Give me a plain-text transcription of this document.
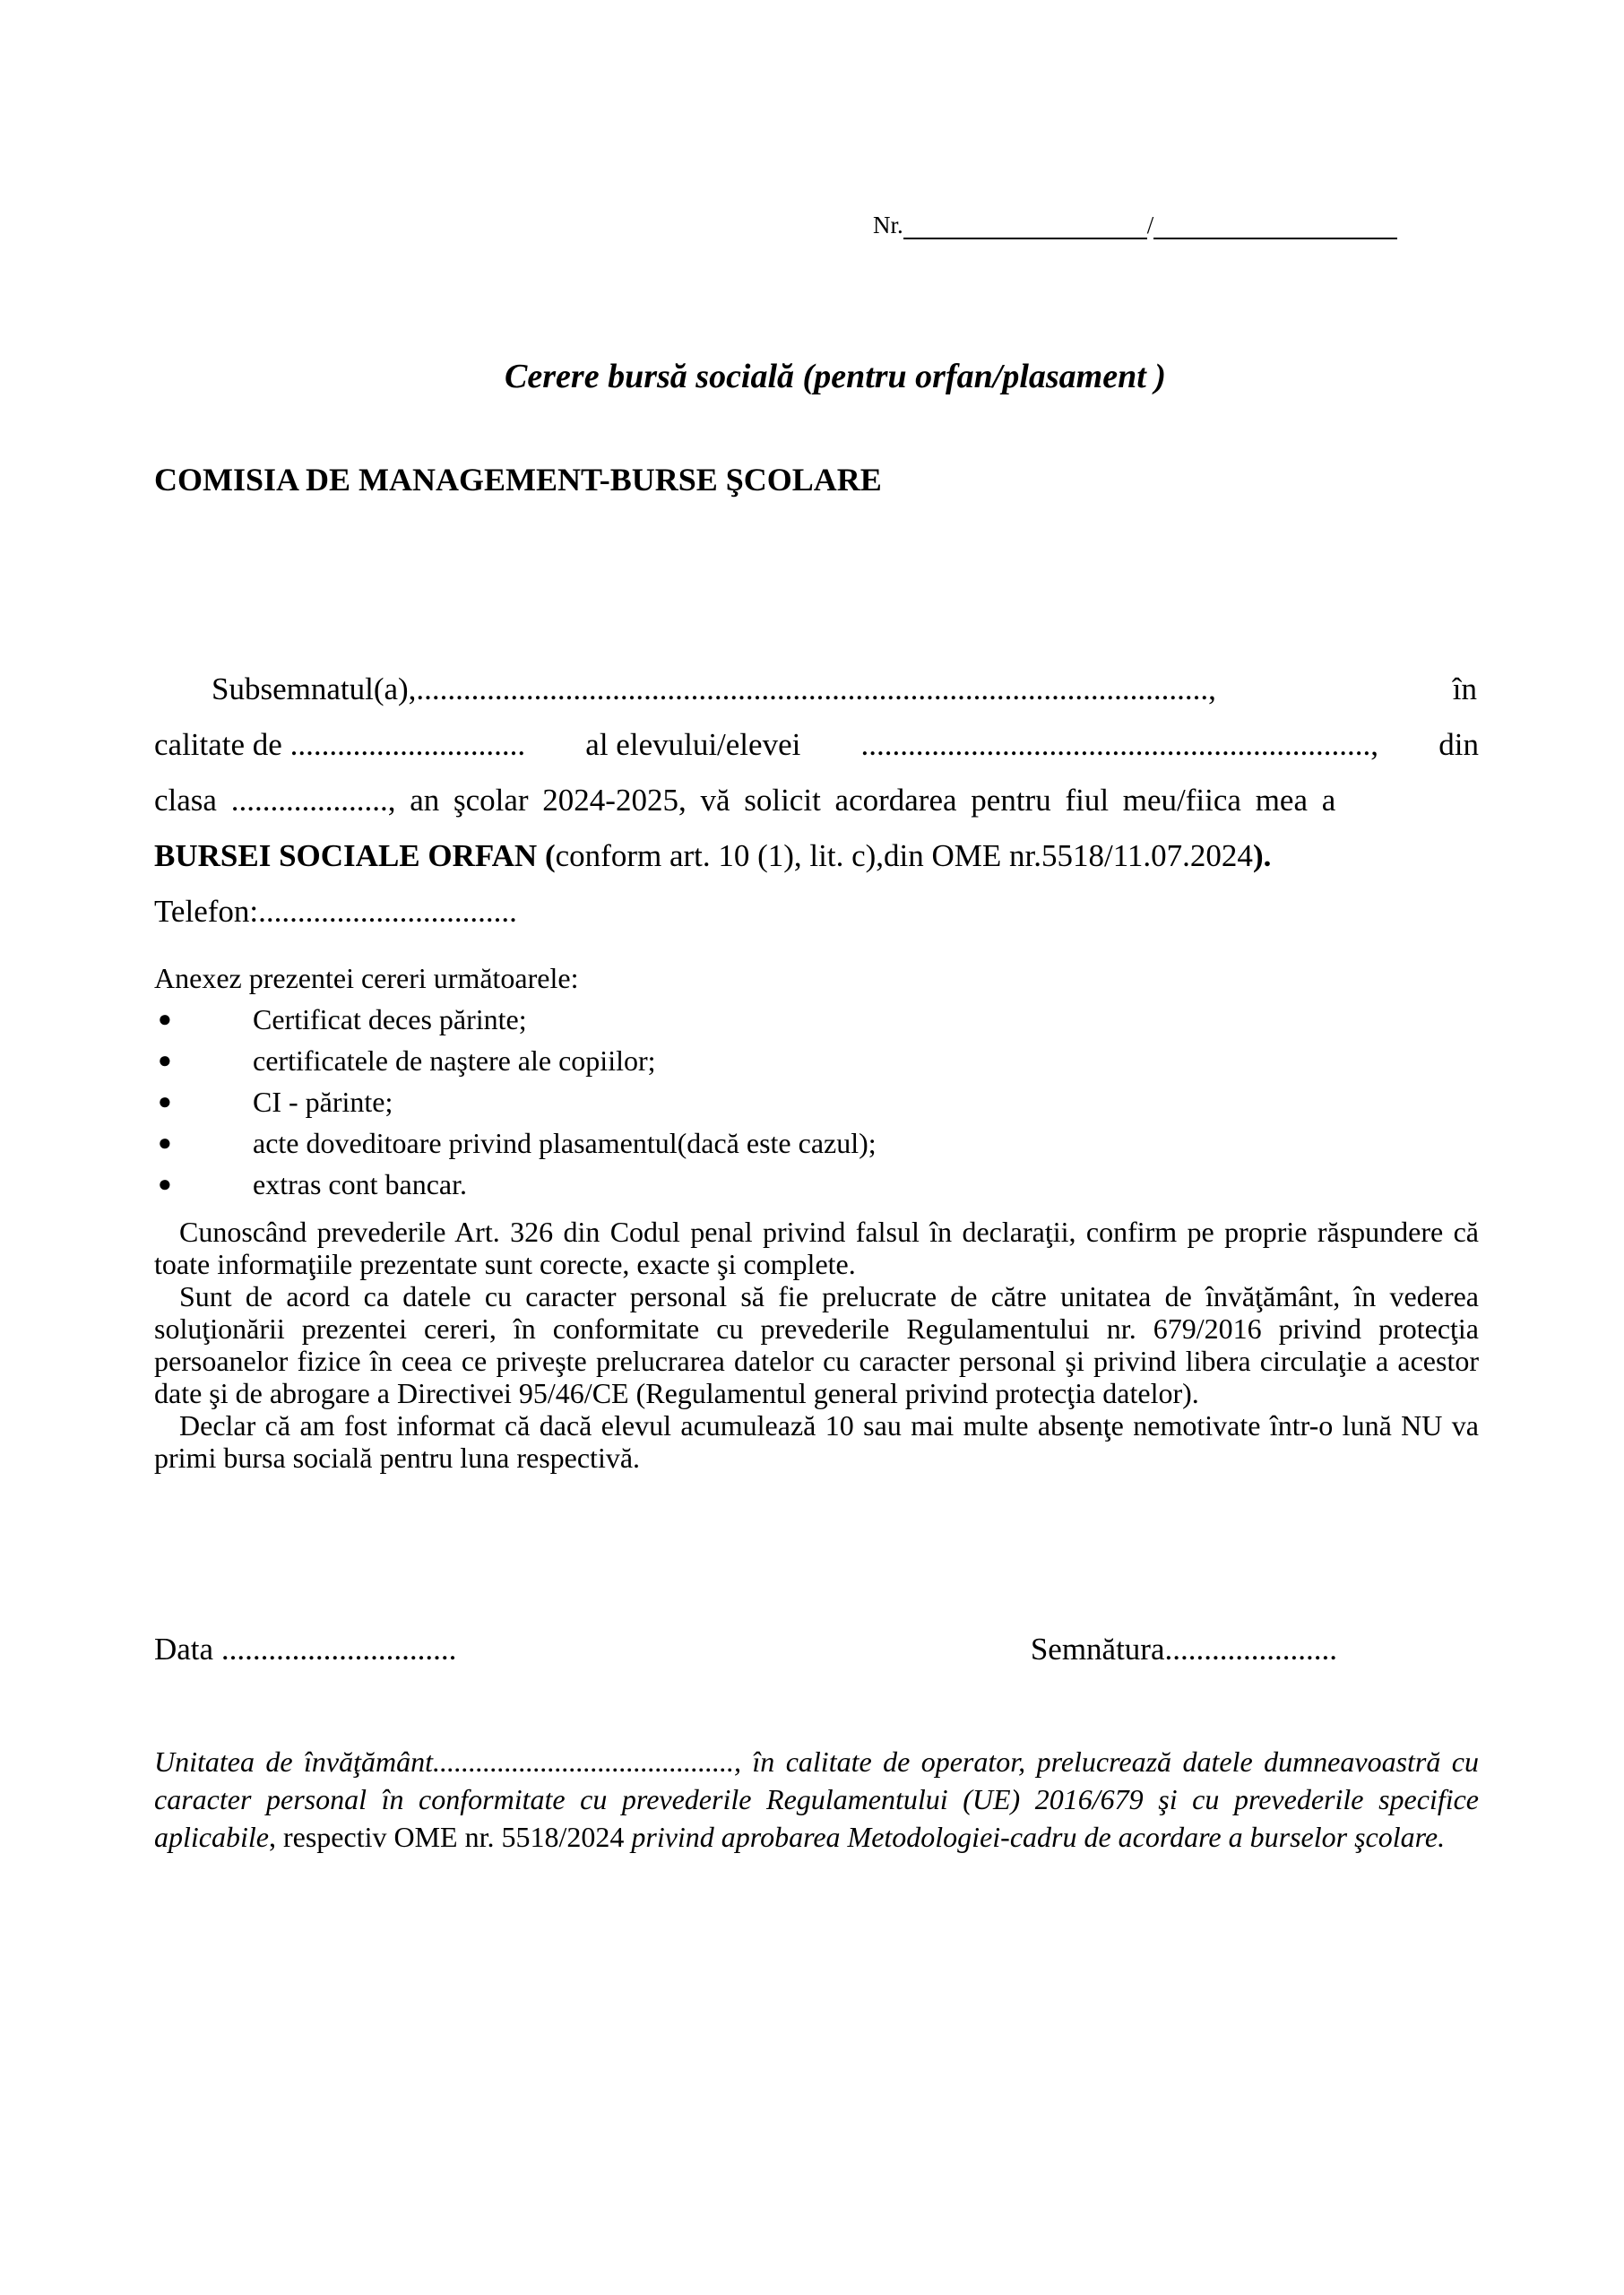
Nr.	/
Cerere bursă socială (pentru orfan/plasament )
COMISIA DE MANAGEMENT-BURSE ŞCOLARE
Subsemnatul(a),.....................................................................................................,	în
calitate de .............................. al elevului/elevei ................................................................., din
clasa ...................., an şcolar 2024-2025, vă solicit acordarea pentru fiul meu/fiica mea a
BURSEI SOCIALE ORFAN (conform art. 10 (1), lit. c),din OME nr.5518/11.07.2024).
Telefon:.................................
Anexez prezentei cereri următoarele:
●	Certificat deces părinte;
●	certificatele de naştere ale copiilor;
●	CI - părinte;
●	acte doveditoare privind plasamentul(dacă este cazul);
●	extras cont bancar.

Cunoscând prevederile Art. 326 din Codul penal privind falsul în declaraţii, confirm pe propriе răspundere că toate informaţiile prezentate sunt corecte, exacte şi complete.

Sunt de acord ca datele cu caracter personal să fie prelucrate de către unitatea de învăţământ, în vederea soluţionării prezentei cereri, în conformitate cu prevederile Regulamentului nr. 679/2016 privind protecţia persoanelor fizice în ceea ce priveşte prelucrarea datelor cu caracter personal şi privind libera circulaţie a acestor date şi de abrogare a Directivei 95/46/CE (Regulamentul general privind protecţia datelor).

Declar că am fost informat că dacă elevul acumulează 10 sau mai multe absenţe nemotivate într-o lună NU va primi bursa socială pentru luna respectivă.

Data ..............................	Semnătura......................
Unitatea de învăţământ.........................................., în calitate de operator, prelucrează datele dumneavoastră cu caracter personal în conformitate cu prevederile Regulamentului (UE) 2016/679 şi cu prevederile specifice aplicabile, respectiv OME nr. 5518/2024 privind aprobarea Metodologiei-cadru de acordare a burselor şcolare.
